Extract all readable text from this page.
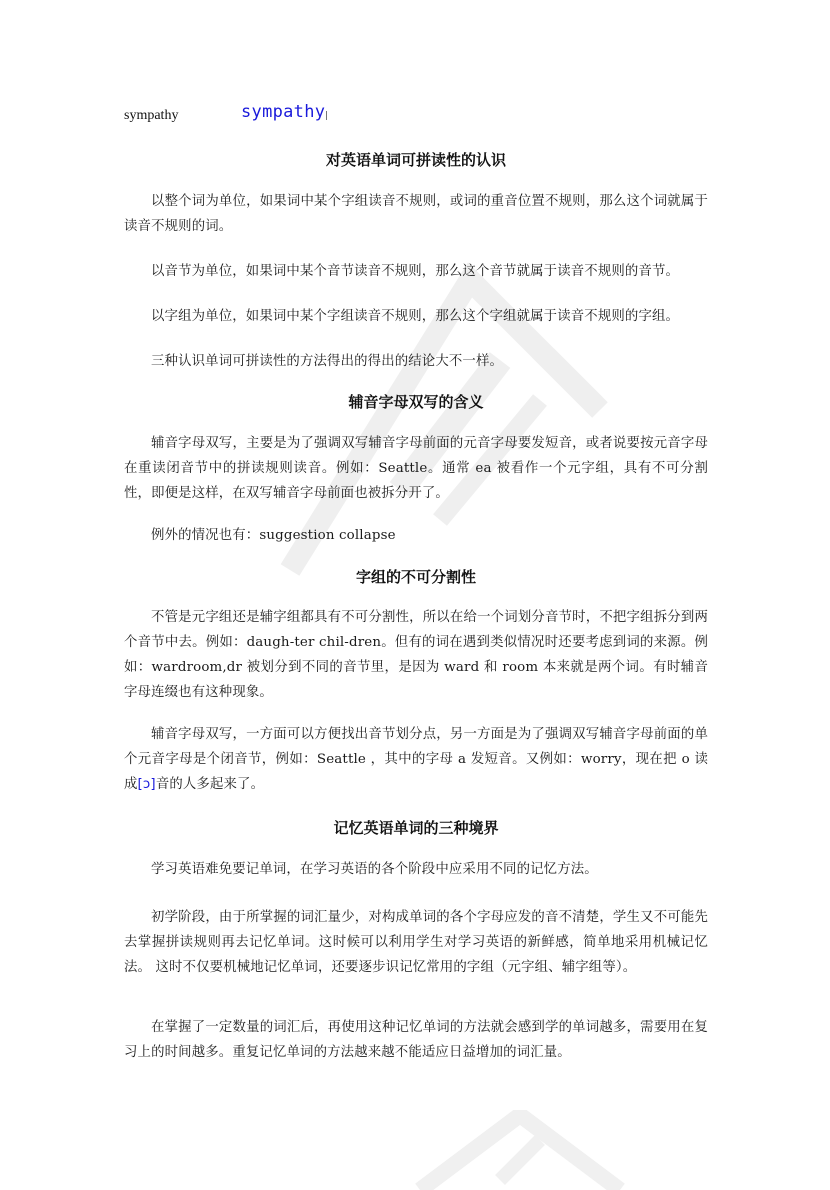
sympathy	sympathy
对英语单词可拼读性的认识

以整个词为单位，如果词中某个字组读音不规则，或词的重音位置不规则，那么这个词就属于读音不规则的词。

以音节为单位，如果词中某个音节读音不规则，那么这个音节就属于读音不规则的音节。

以字组为单位，如果词中某个字组读音不规则，那么这个字组就属于读音不规则的字组。

三种认识单词可拼读性的方法得出的得出的结论大不一样。

辅音字母双写的含义

辅音字母双写，主要是为了强调双写辅音字母前面的元音字母要发短音，或者说要按元音字母在重读闭音节中的拼读规则读音。例如：Seattle。通常 ea 被看作一个元字组，具有不可分割性，即便是这样，在双写辅音字母前面也被拆分开了。

例外的情况也有：suggestion collapse

字组的不可分割性

不管是元字组还是辅字组都具有不可分割性，所以在给一个词划分音节时，不把字组拆分到两个音节中去。例如：daugh-ter chil-dren。但有的词在遇到类似情况时还要考虑到词的来源。例如：wardroom,dr 被划分到不同的音节里，是因为 ward 和 room 本来就是两个词。有时辅音字母连缀也有这种现象。

辅音字母双写，一方面可以方便找出音节划分点，另一方面是为了强调双写辅音字母前面的单个元音字母是个闭音节，例如：Seattle ，其中的字母 a 发短音。又例如：worry，现在把 o 读成[ɔ]音的人多起来了。

记忆英语单词的三种境界

学习英语难免要记单词，在学习英语的各个阶段中应采用不同的记忆方法。

初学阶段，由于所掌握的词汇量少，对构成单词的各个字母应发的音不清楚，学生又不可能先去掌握拼读规则再去记忆单词。这时候可以利用学生对学习英语的新鲜感，简单地采用机械记忆法。 这时不仅要机械地记忆单词，还要逐步识记忆常用的字组（元字组、辅字组等）。

在掌握了一定数量的词汇后，再使用这种记忆单词的方法就会感到学的单词越多，需要用在复习上的时间越多。重复记忆单词的方法越来越不能适应日益增加的词汇量。
